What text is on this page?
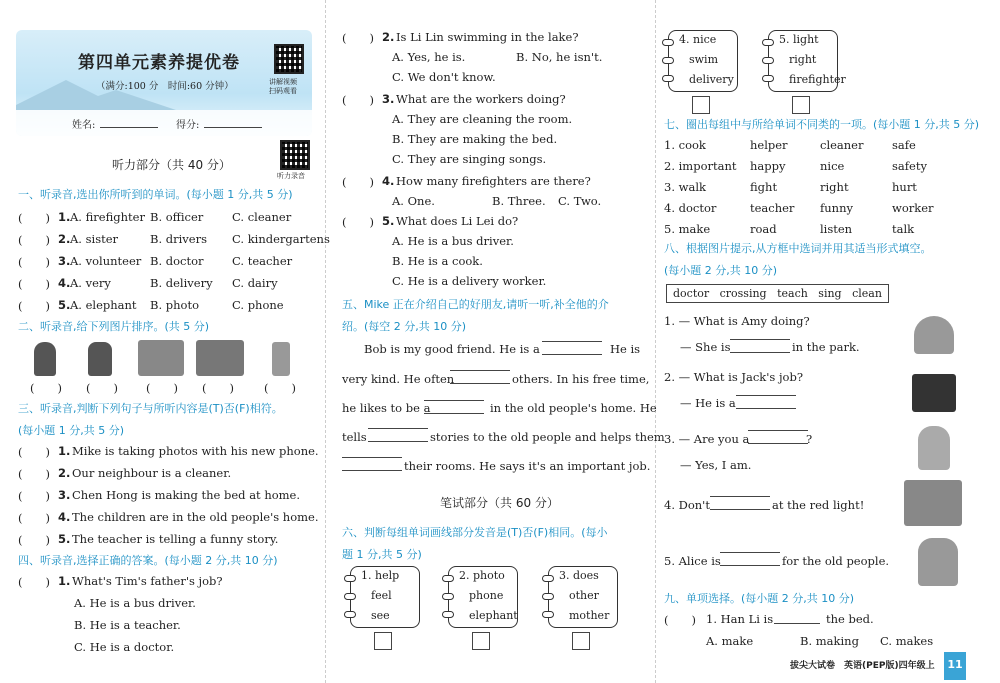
第四单元素养提优卷
（满分:100 分　时间:60 分钟）	讲解视频
扫码观看
姓名:	得分:
听力部分（共 40 分）
听力录音
一、听录音,选出你所听到的单词。(每小题 1 分,共 5 分)
二、听录音,给下列图片排序。(共 5 分)
三、听录音,判断下列句子与所听内容是(T)否(F)相符。
(每小题 1 分,共 5 分)
四、听录音,选择正确的答案。(每小题 2 分,共 10 分)
五、Mike 正在介绍自己的好朋友,请听一听,补全他的介
绍。(每空 2 分,共 10 分)
Bob is my good friend. He is a	He is
very kind. He often	others. In his free time,
he likes to be a	in the old people's home. He
tells	stories to the old people and helps them
their rooms. He says it's an important job.
笔试部分（共 60 分）
六、判断每组单词画线部分发音是(T)否(F)相同。(每小
题 1 分,共 5 分)
七、圈出每组中与所给单词不同类的一项。(每小题 1 分,共 5 分)
八、根据图片提示,从方框中选词并用其适当形式填空。
(每小题 2 分,共 10 分)
doctor   crossing   teach   sing   clean
1. — What is Amy doing?
— She is	in the park.
2. — What is Jack's job?
— He is a
3. — Are you a	?
— Yes, I am.
4. Don't	at the red light!
5. Alice is	for the old people.
九、单项选择。(每小题 2 分,共 10 分)
(　　) 1. Han Li is	the bed.
A. make	B. making C. makes
拔尖大试卷　英语(PEP版)四年级上	11
(　　) 1. A. firefighter B. officer C. cleaner
(　　) 2. A. sister	B. drivers C. kindergartens
(　　) 3. A. volunteer B. doctor C. teacher
(　　) 4. A. very	B. delivery C. dairy
(　　) 5. A. elephant B. photo	C. phone
(　　) (　　) (　　) (　　)	(　　)
(　　) 1. Mike is taking photos with his new phone.
(　　) 2. Our neighbour is a cleaner.
(　　) 3. Chen Hong is making the bed at home.
(　　) 4. The children are in the old people's home.
(　　) 5. The teacher is telling a funny story.
(　　) 1. What's Tim's father's job?
A. He is a bus driver.
B. He is a teacher.
C. He is a doctor.
(　　) 2. Is Li Lin swimming in the lake?
A. Yes, he is.	B. No, he isn't.
C. We don't know.
(　　) 3. What are the workers doing?
A. They are cleaning the room.
B. They are making the bed.
C. They are singing songs.
(　　) 4. How many firefighters are there?
A. One.	B. Three. C. Two.
(　　) 5. What does Li Lei do?
A. He is a bus driver.
B. He is a cook.
C. He is a delivery worker.
1. help
feel
see
2. photo
phone
elephant
3. does
other
mother
4. nice
swim
delivery
5. light
right
firefighter
1. cook	helper	cleaner safe
2. important happy	nice	safety
3. walk	fight	right	hurt
4. doctor	teacher funny	worker
5. make	road	listen	talk
